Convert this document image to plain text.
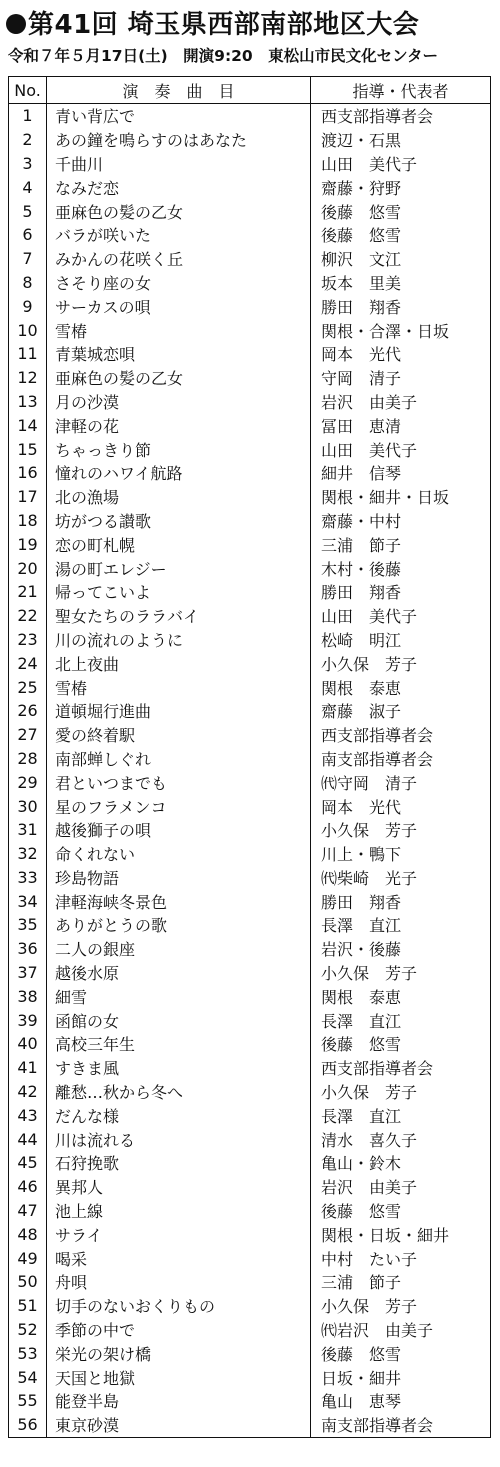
第41回 埼玉県西部南部地区大会
令和７年５月17日(土) 開演9:20 東松山市民文化センター
No.	演　奏　曲　目	指導・代表者
1	青い背広で	西支部指導者会
2	あの鐘を鳴らすのはあなた	渡辺・石黒
3	千曲川	山田　美代子
4	なみだ恋	齋藤・狩野
5	亜麻色の髪の乙女	後藤　悠雪
6	バラが咲いた	後藤　悠雪
7	みかんの花咲く丘	柳沢　文江
8	さそり座の女	坂本　里美
9	サーカスの唄	勝田　翔香
10	雪椿	関根・合澤・日坂
11	青葉城恋唄	岡本　光代
12	亜麻色の髪の乙女	守岡　清子
13	月の沙漠	岩沢　由美子
14	津軽の花	冨田　恵清
15	ちゃっきり節	山田　美代子
16	憧れのハワイ航路	細井　信琴
17	北の漁場	関根・細井・日坂
18	坊がつる讃歌	齋藤・中村
19	恋の町札幌	三浦　節子
20	湯の町エレジー	木村・後藤
21	帰ってこいよ	勝田　翔香
22	聖女たちのララバイ	山田　美代子
23	川の流れのように	松崎　明江
24	北上夜曲	小久保　芳子
25	雪椿	関根　泰恵
26	道頓堀行進曲	齋藤　淑子
27	愛の終着駅	西支部指導者会
28	南部蝉しぐれ	南支部指導者会
29	君といつまでも	㈹守岡　清子
30	星のフラメンコ	岡本　光代
31	越後獅子の唄	小久保　芳子
32	命くれない	川上・鴨下
33	珍島物語	㈹柴崎　光子
34	津軽海峡冬景色	勝田　翔香
35	ありがとうの歌	長澤　直江
36	二人の銀座	岩沢・後藤
37	越後水原	小久保　芳子
38	細雪	関根　泰恵
39	函館の女	長澤　直江
40	高校三年生	後藤　悠雪
41	すきま風	西支部指導者会
42	離愁…秋から冬へ	小久保　芳子
43	だんな様	長澤　直江
44	川は流れる	清水　喜久子
45	石狩挽歌	亀山・鈴木
46	異邦人	岩沢　由美子
47	池上線	後藤　悠雪
48	サライ	関根・日坂・細井
49	喝采	中村　たい子
50	舟唄	三浦　節子
51	切手のないおくりもの	小久保　芳子
52	季節の中で	㈹岩沢　由美子
53	栄光の架け橋	後藤　悠雪
54	天国と地獄	日坂・細井
55	能登半島	亀山　恵琴
56	東京砂漠	南支部指導者会
